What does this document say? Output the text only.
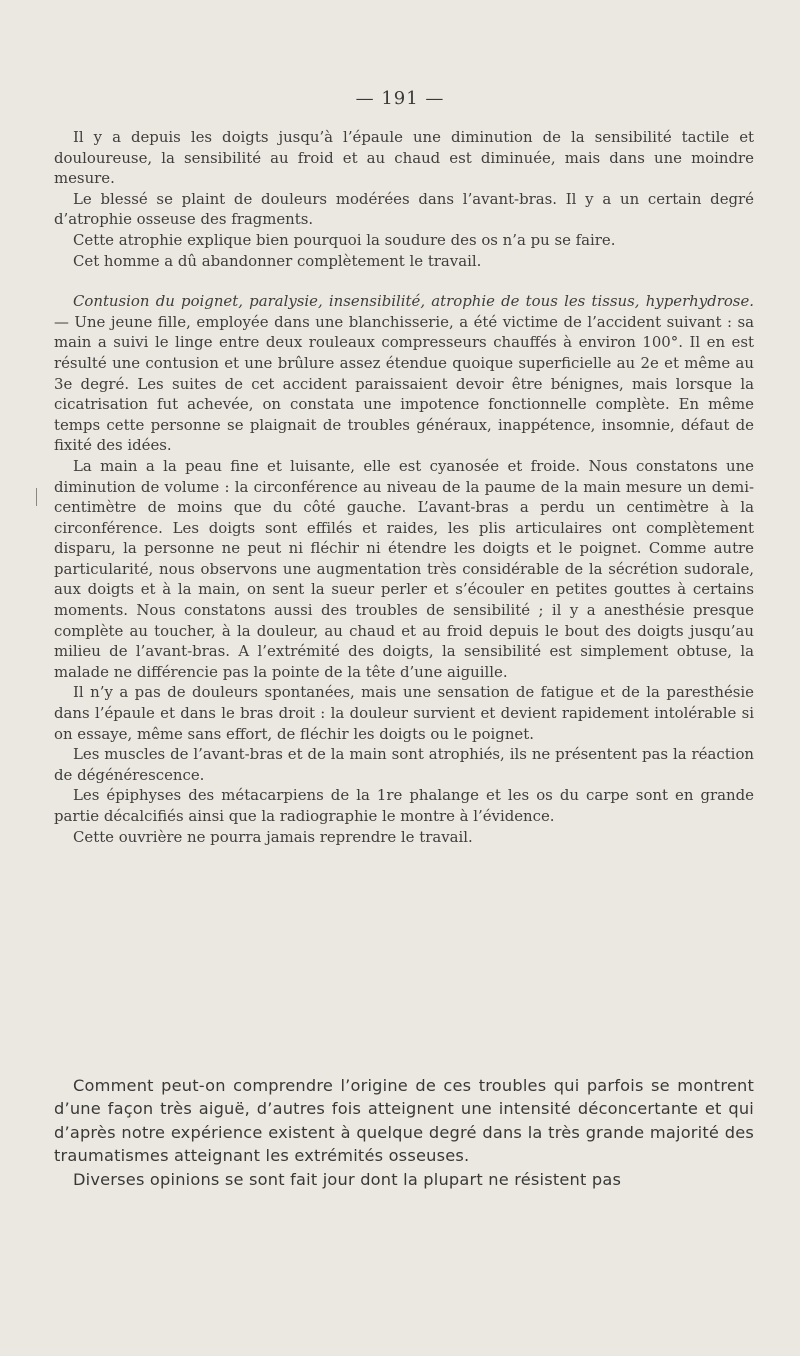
— 191 —

Il y a depuis les doigts jusqu’à l’épaule une diminution de la sensibilité tactile et douloureuse, la sensibilité au froid et au chaud est diminuée, mais dans une moindre mesure.

Le blessé se plaint de douleurs modérées dans l’avant-bras. Il y a un certain degré d’atrophie osseuse des fragments.

Cette atrophie explique bien pourquoi la soudure des os n’a pu se faire.

Cet homme a dû abandonner complètement le travail.

Contusion du poignet, paralysie, insensibilité, atrophie de tous les tissus, hyperhydrose. — Une jeune fille, employée dans une blanchisserie, a été victime de l’accident suivant : sa main a suivi le linge entre deux rouleaux compresseurs chauffés à environ 100°. Il en est résulté une contusion et une brûlure assez étendue quoique superficielle au 2e et même au 3e degré. Les suites de cet accident paraissaient devoir être bénignes, mais lorsque la cicatrisation fut achevée, on constata une impotence fonctionnelle complète. En même temps cette personne se plaignait de troubles généraux, inappétence, insomnie, défaut de fixité des idées.

La main a la peau fine et luisante, elle est cyanosée et froide. Nous constatons une diminution de volume : la circonférence au niveau de la paume de la main mesure un demi-centimètre de moins que du côté gauche. L’avant-bras a perdu un centimètre à la circonférence. Les doigts sont effilés et raides, les plis articulaires ont complètement disparu, la personne ne peut ni fléchir ni étendre les doigts et le poignet. Comme autre particularité, nous observons une augmentation très considérable de la sécrétion sudorale, aux doigts et à la main, on sent la sueur perler et s’écouler en petites gouttes à certains moments. Nous constatons aussi des troubles de sensibilité ; il y a anesthésie presque complète au toucher, à la douleur, au chaud et au froid depuis le bout des doigts jusqu’au milieu de l’avant-bras. A l’extrémité des doigts, la sensibilité est simplement obtuse, la malade ne différencie pas la pointe de la tête d’une aiguille.

Il n’y a pas de douleurs spontanées, mais une sensation de fatigue et de la paresthésie dans l’épaule et dans le bras droit : la douleur survient et devient rapidement intolérable si on essaye, même sans effort, de fléchir les doigts ou le poignet.

Les muscles de l’avant-bras et de la main sont atrophiés, ils ne présentent pas la réaction de dégénérescence.

Les épiphyses des métacarpiens de la 1re phalange et les os du carpe sont en grande partie décalcifiés ainsi que la radiographie le montre à l’évidence.

Cette ouvrière ne pourra jamais reprendre le travail.

Comment peut-on comprendre l’origine de ces troubles qui parfois se montrent d’une façon très aiguë, d’autres fois atteignent une intensité déconcertante et qui d’après notre expérience existent à quelque degré dans la très grande majorité des traumatismes atteignant les extrémités osseuses.

Diverses opinions se sont fait jour dont la plupart ne résistent pas
